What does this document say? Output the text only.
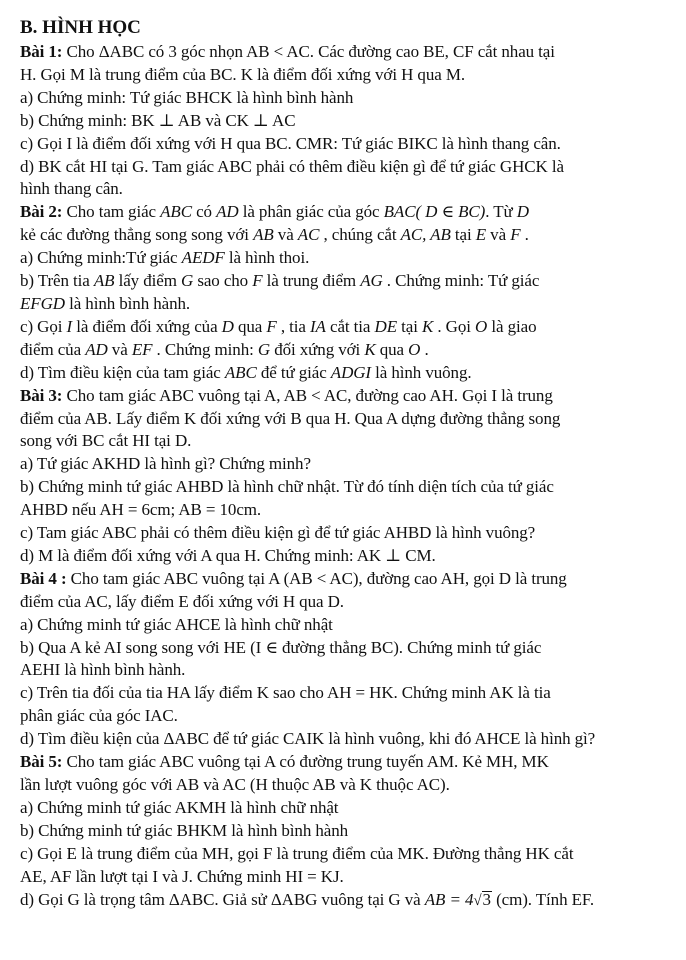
B. HÌNH HỌC
Bài 1: Cho ΔABC có 3 góc nhọn AB < AC. Các đường cao BE, CF cắt nhau tại
H. Gọi M là trung điểm của BC. K là điểm đối xứng với H qua M.
a) Chứng minh: Tứ giác BHCK là hình bình hành
b) Chứng minh: BK ⊥ AB và CK ⊥ AC
c) Gọi I là điểm đối xứng với H qua BC. CMR: Tứ giác BIKC là hình thang cân.
d) BK cắt HI tại G. Tam giác ABC phải có thêm điều kiện gì để tứ giác GHCK là
hình thang cân.
Bài 2: Cho tam giác ABC có AD là phân giác của góc BAC( D ∈ BC). Từ D
kẻ các đường thẳng song song với AB và AC , chúng cắt AC, AB tại E và F .
a) Chứng minh:Tứ giác AEDF là hình thoi.
b) Trên tia AB lấy điểm G sao cho F là trung điểm AG . Chứng minh: Tứ giác
EFGD là hình bình hành.
c) Gọi I là điểm đối xứng của D qua F , tia IA cắt tia DE tại K . Gọi O là giao
điểm của AD và EF . Chứng minh: G đối xứng với K qua O .
d) Tìm điều kiện của tam giác ABC để tứ giác ADGI là hình vuông.
Bài 3: Cho tam giác ABC vuông tại A, AB < AC, đường cao AH. Gọi I là trung
điểm của AB. Lấy điểm K đối xứng với B qua H. Qua A dựng đường thẳng song
song với BC cắt HI tại D.
a) Tứ giác AKHD là hình gì? Chứng minh?
b) Chứng minh tứ giác AHBD là hình chữ nhật. Từ đó tính diện tích của tứ giác
AHBD nếu AH = 6cm; AB = 10cm.
c) Tam giác ABC phải có thêm điều kiện gì để tứ giác AHBD là hình vuông?
d) M là điểm đối xứng với A qua H. Chứng minh: AK ⊥ CM.
Bài 4 : Cho tam giác ABC vuông tại A (AB < AC), đường cao AH, gọi D là trung
điểm của AC, lấy điểm E đối xứng với H qua D.
a) Chứng minh tứ giác AHCE là hình chữ nhật
b) Qua A kẻ AI song song với HE (I ∈ đường thẳng BC). Chứng minh tứ giác
AEHI là hình bình hành.
c) Trên tia đối của tia HA lấy điểm K sao cho AH = HK. Chứng minh AK là tia
phân giác của góc IAC.
d) Tìm điều kiện của ΔABC để tứ giác CAIK là hình vuông, khi đó AHCE là hình gì?
Bài 5: Cho tam giác ABC vuông tại A có đường trung tuyến AM. Kẻ MH, MK
lần lượt vuông góc với AB và AC (H thuộc AB và K thuộc AC).
a) Chứng minh tứ giác AKMH là hình chữ nhật
b) Chứng minh tứ giác BHKM là hình bình hành
c) Gọi E là trung điểm của MH, gọi F là trung điểm của MK. Đường thẳng HK cắt
AE, AF lần lượt tại I và J. Chứng minh HI = KJ.
d) Gọi G là trọng tâm ΔABC. Giả sử ΔABG vuông tại G và AB = 4√3 (cm). Tính EF.
